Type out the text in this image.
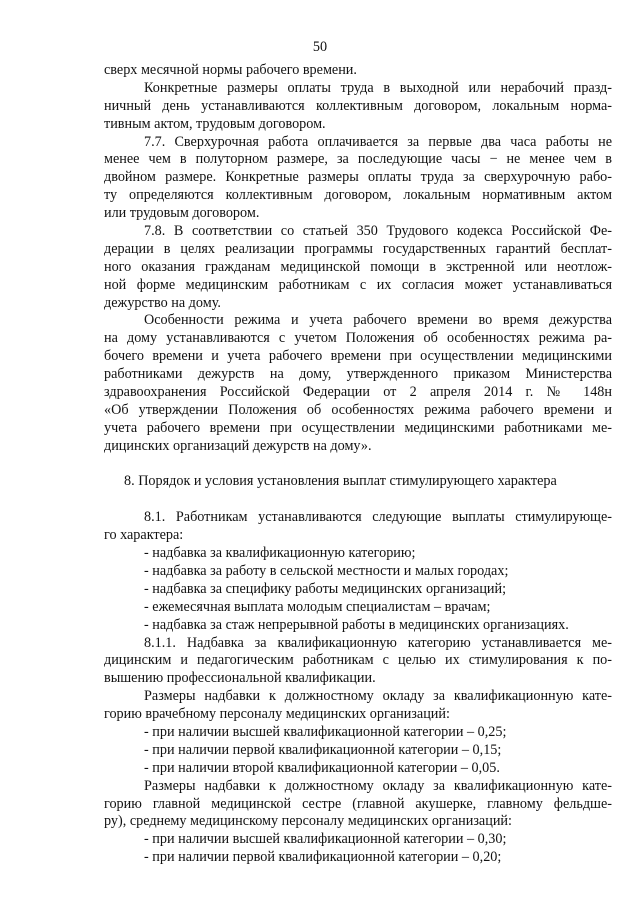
50
сверх месячной нормы рабочего времени.
Конкретные размеры оплаты труда в выходной или нерабочий празд-
ничный день устанавливаются коллективным договором, локальным норма-
тивным актом, трудовым договором.
7.7. Сверхурочная работа оплачивается за первые два часа работы не
менее чем в полуторном размере, за последующие часы − не менее чем в
двойном размере. Конкретные размеры оплаты труда за сверхурочную рабо-
ту определяются коллективным договором, локальным нормативным актом
или трудовым договором.
7.8. В соответствии со статьей 350 Трудового кодекса Российской Фе-
дерации в целях реализации программы государственных гарантий бесплат-
ного оказания гражданам медицинской помощи в экстренной или неотлож-
ной форме медицинским работникам с их согласия может устанавливаться
дежурство на дому.
Особенности режима и учета рабочего времени во время дежурства
на дому устанавливаются с учетом Положения об особенностях режима ра-
бочего времени и учета рабочего времени при осуществлении медицинскими
работниками дежурств на дому, утвержденного приказом Министерства
здравоохранения Российской Федерации от 2 апреля 2014 г. № 148н
«Об утверждении Положения об особенностях режима рабочего времени и
учета рабочего времени при осуществлении медицинскими работниками ме-
дицинских организаций дежурств на дому».
8. Порядок и условия установления выплат стимулирующего характера
8.1. Работникам устанавливаются следующие выплаты стимулирующе-
го характера:
- надбавка за квалификационную категорию;
- надбавка за работу в сельской местности и малых городах;
- надбавка за специфику работы медицинских организаций;
- ежемесячная выплата молодым специалистам – врачам;
- надбавка за стаж непрерывной работы в медицинских организациях.
8.1.1. Надбавка за квалификационную категорию устанавливается ме-
дицинским и педагогическим работникам с целью их стимулирования к по-
вышению профессиональной квалификации.
Размеры надбавки к должностному окладу за квалификационную кате-
горию врачебному персоналу медицинских организаций:
- при наличии высшей квалификационной категории – 0,25;
- при наличии первой квалификационной категории – 0,15;
- при наличии второй квалификационной категории – 0,05.
Размеры надбавки к должностному окладу за квалификационную кате-
горию главной медицинской сестре (главной акушерке, главному фельдше-
ру), среднему медицинскому персоналу медицинских организаций:
- при наличии высшей квалификационной категории – 0,30;
- при наличии первой квалификационной категории – 0,20;
